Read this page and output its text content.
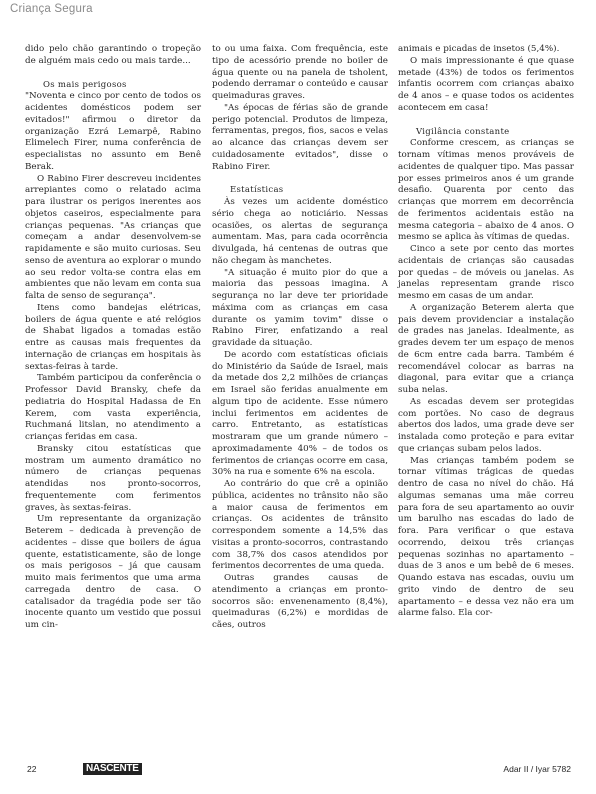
Criança Segura

dido pelo chão garantindo o tropeção de alguém mais cedo ou mais tarde...

Os mais perigosos

"Noventa e cinco por cento de todos os acidentes domésticos podem ser evitados!" afirmou o diretor da organização Ezrá Lemarpê, Rabino Elimelech Firer, numa conferência de especialistas no assunto em Benê Berak.

O Rabino Firer descreveu incidentes arrepiantes como o relatado acima para ilustrar os perigos inerentes aos objetos caseiros, especialmente para crianças pequenas. "As crianças que começam a andar desenvolvem-se rapidamente e são muito curiosas. Seu senso de aventura ao explorar o mundo ao seu redor volta-se contra elas em ambientes que não levam em conta sua falta de senso de segurança".

Itens como bandejas elétricas, boilers de água quente e até relógios de Shabat ligados a tomadas estão entre as causas mais frequentes da internação de crianças em hospitais às sextas-feiras à tarde.

Também participou da conferência o Professor David Bransky, chefe da pediatria do Hospital Hadassa de En Kerem, com vasta experiência, Ruchmaná litslan, no atendimento a crianças feridas em casa.

Bransky citou estatísticas que mostram um aumento dramático no número de crianças pequenas atendidas nos pronto-socorros, frequentemente com ferimentos graves, às sextas-feiras.

Um representante da organização Beterem – dedicada à prevenção de acidentes – disse que boilers de água quente, estatisticamente, são de longe os mais perigosos – já que causam muito mais ferimentos que uma arma carregada dentro de casa. O catalisador da tragédia pode ser tão inocente quanto um vestido que possui um cin-

to ou uma faixa. Com frequência, este tipo de acessório prende no boiler de água quente ou na panela de tsholent, podendo derramar o conteúdo e causar queimaduras graves.

"As épocas de férias são de grande perigo potencial. Produtos de limpeza, ferramentas, pregos, fios, sacos e velas ao alcance das crianças devem ser cuidadosamente evitados", disse o Rabino Firer.

Estatísticas

Às vezes um acidente doméstico sério chega ao noticiário. Nessas ocasiões, os alertas de segurança aumentam. Mas, para cada ocorrência divulgada, há centenas de outras que não chegam às manchetes.

"A situação é muito pior do que a maioria das pessoas imagina. A segurança no lar deve ter prioridade máxima com as crianças em casa durante os yamim tovim" disse o Rabino Firer, enfatizando a real gravidade da situação.

De acordo com estatísticas oficiais do Ministério da Saúde de Israel, mais da metade dos 2,2 milhões de crianças em Israel são feridas anualmente em algum tipo de acidente. Esse número inclui ferimentos em acidentes de carro. Entretanto, as estatísticas mostraram que um grande número – aproximadamente 40% – de todos os ferimentos de crianças ocorre em casa, 30% na rua e somente 6% na escola.

Ao contrário do que crê a opinião pública, acidentes no trânsito não são a maior causa de ferimentos em crianças. Os acidentes de trânsito correspondem somente a 14,5% das visitas a pronto-socorros, contrastando com 38,7% dos casos atendidos por ferimentos decorrentes de uma queda.

Outras grandes causas de atendimento a crianças em pronto-socorros são: envenenamento (8,4%), queimaduras (6,2%) e mordidas de cães, outros

animais e picadas de insetos (5,4%).

O mais impressionante é que quase metade (43%) de todos os ferimentos infantis ocorrem com crianças abaixo de 4 anos – e quase todos os acidentes acontecem em casa!

Vigilância constante

Conforme crescem, as crianças se tornam vítimas menos prováveis de acidentes de qualquer tipo. Mas passar por esses primeiros anos é um grande desafio. Quarenta por cento das crianças que morrem em decorrência de ferimentos acidentais estão na mesma categoria – abaixo de 4 anos. O mesmo se aplica às vítimas de quedas.

Cinco a sete por cento das mortes acidentais de crianças são causadas por quedas – de móveis ou janelas. As janelas representam grande risco mesmo em casas de um andar.

A organização Beterem alerta que pais devem providenciar a instalação de grades nas janelas. Idealmente, as grades devem ter um espaço de menos de 6cm entre cada barra. Também é recomendável colocar as barras na diagonal, para evitar que a criança suba nelas.

As escadas devem ser protegidas com portões. No caso de degraus abertos dos lados, uma grade deve ser instalada como proteção e para evitar que crianças subam pelos lados.

Mas crianças também podem se tornar vítimas trágicas de quedas dentro de casa no nível do chão. Há algumas semanas uma mãe correu para fora de seu apartamento ao ouvir um barulho nas escadas do lado de fora. Para verificar o que estava ocorrendo, deixou três crianças pequenas sozinhas no apartamento – duas de 3 anos e um bebê de 6 meses. Quando estava nas escadas, ouviu um grito vindo de dentro de seu apartamento – e dessa vez não era um alarme falso. Ela cor-

22	NASCENTE	Adar II / Iyar 5782
